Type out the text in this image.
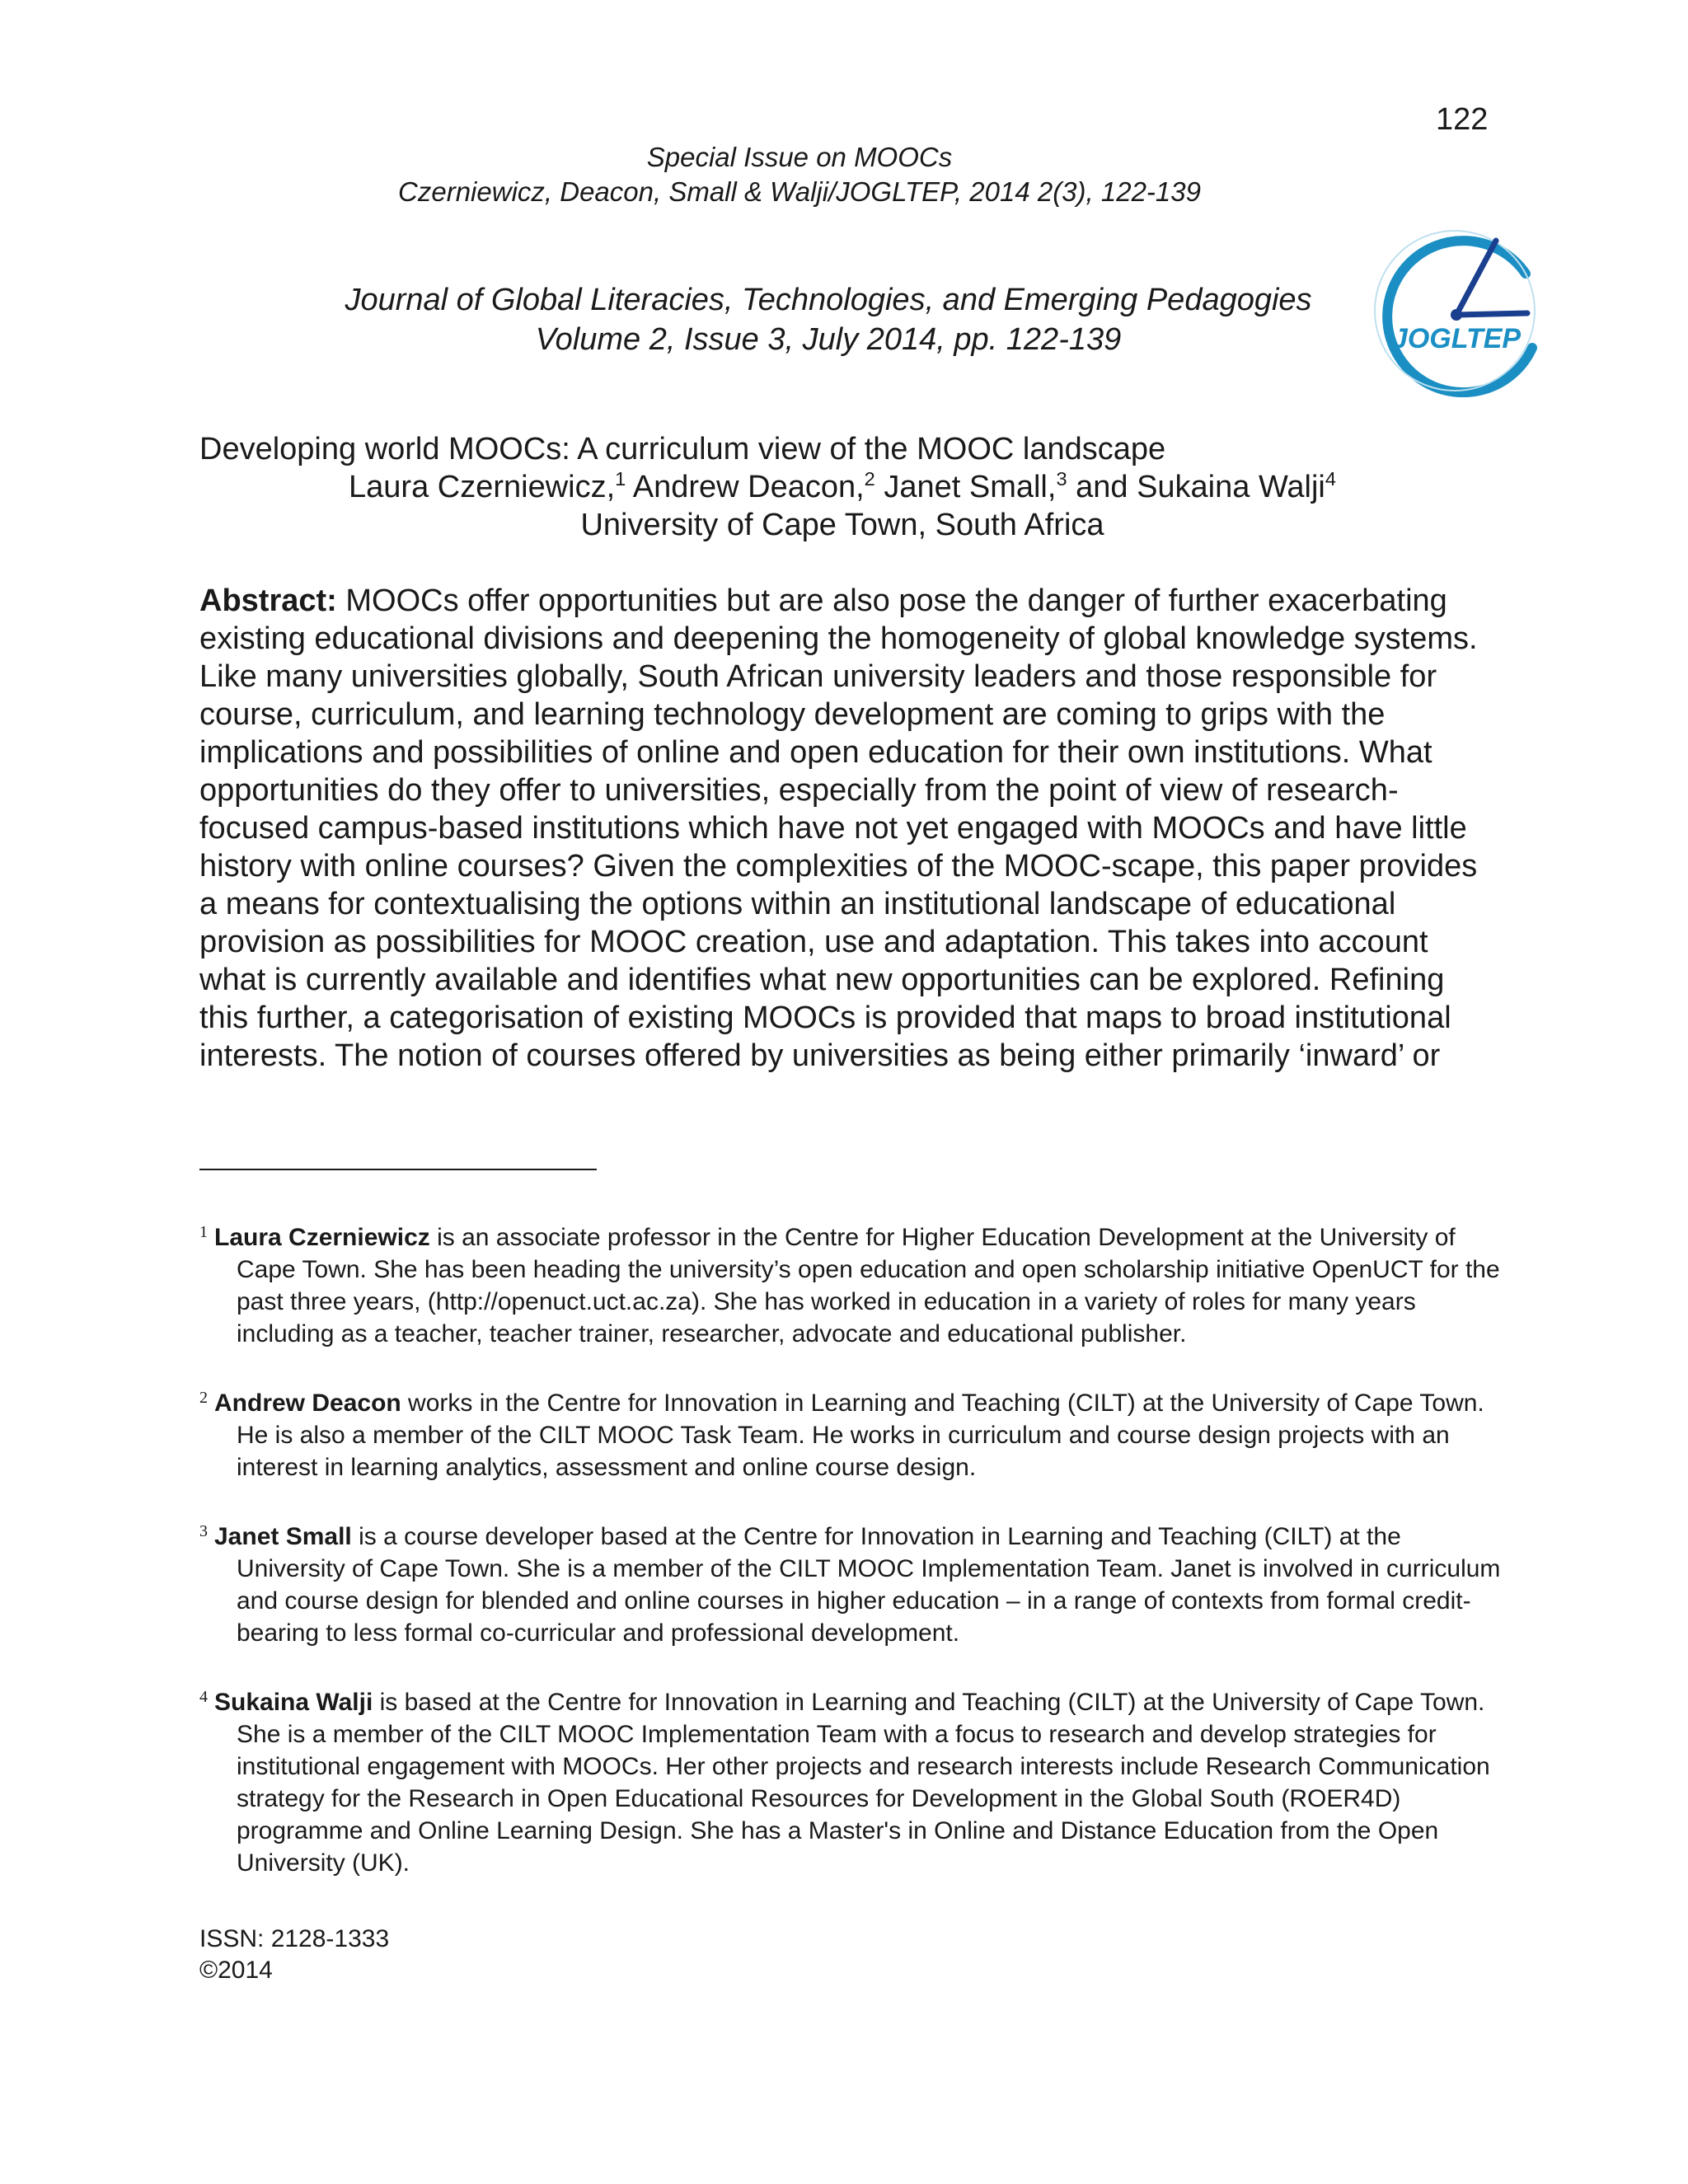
122
Special Issue on MOOCs
Czerniewicz, Deacon, Small & Walji/JOGLTEP, 2014 2(3), 122-139
Journal of Global Literacies, Technologies, and Emerging Pedagogies
Volume 2, Issue 3, July 2014, pp. 122-139	JOGLTEP
Developing world MOOCs: A curriculum view of the MOOC landscape
Laura Czerniewicz,$^1$ Andrew Deacon,$^2$ Janet Small,$^3$ and Sukaina Walji$^4$
University of Cape Town, South Africa
Abstract: MOOCs offer opportunities but are also pose the danger of further exacerbating existing educational divisions and deepening the homogeneity of global knowledge systems. Like many universities globally, South African university leaders and those responsible for course, curriculum, and learning technology development are coming to grips with the implications and possibilities of online and open education for their own institutions. What opportunities do they offer to universities, especially from the point of view of research-focused campus-based institutions which have not yet engaged with MOOCs and have little history with online courses? Given the complexities of the MOOC-scape, this paper provides a means for contextualising the options within an institutional landscape of educational provision as possibilities for MOOC creation, use and adaptation. This takes into account what is currently available and identifies what new opportunities can be explored. Refining this further, a categorisation of existing MOOCs is provided that maps to broad institutional interests. The notion of courses offered by universities as being either primarily ‘inward’ or
1 Laura Czerniewicz is an associate professor in the Centre for Higher Education Development at the University of Cape Town. She has been heading the university’s open education and open scholarship initiative OpenUCT for the past three years, (http://openuct.uct.ac.za). She has worked in education in a variety of roles for many years including as a teacher, teacher trainer, researcher, advocate and educational publisher.
2 Andrew Deacon works in the Centre for Innovation in Learning and Teaching (CILT) at the University of Cape Town. He is also a member of the CILT MOOC Task Team. He works in curriculum and course design projects with an interest in learning analytics, assessment and online course design.
3 Janet Small is a course developer based at the Centre for Innovation in Learning and Teaching (CILT) at the University of Cape Town. She is a member of the CILT MOOC Implementation Team. Janet is involved in curriculum and course design for blended and online courses in higher education – in a range of contexts from formal credit-bearing to less formal co-curricular and professional development.
4 Sukaina Walji is based at the Centre for Innovation in Learning and Teaching (CILT) at the University of Cape Town. She is a member of the CILT MOOC Implementation Team with a focus to research and develop strategies for institutional engagement with MOOCs. Her other projects and research interests include Research Communication strategy for the Research in Open Educational Resources for Development in the Global South (ROER4D) programme and Online Learning Design. She has a Master's in Online and Distance Education from the Open University (UK).
ISSN: 2128-1333
©2014
